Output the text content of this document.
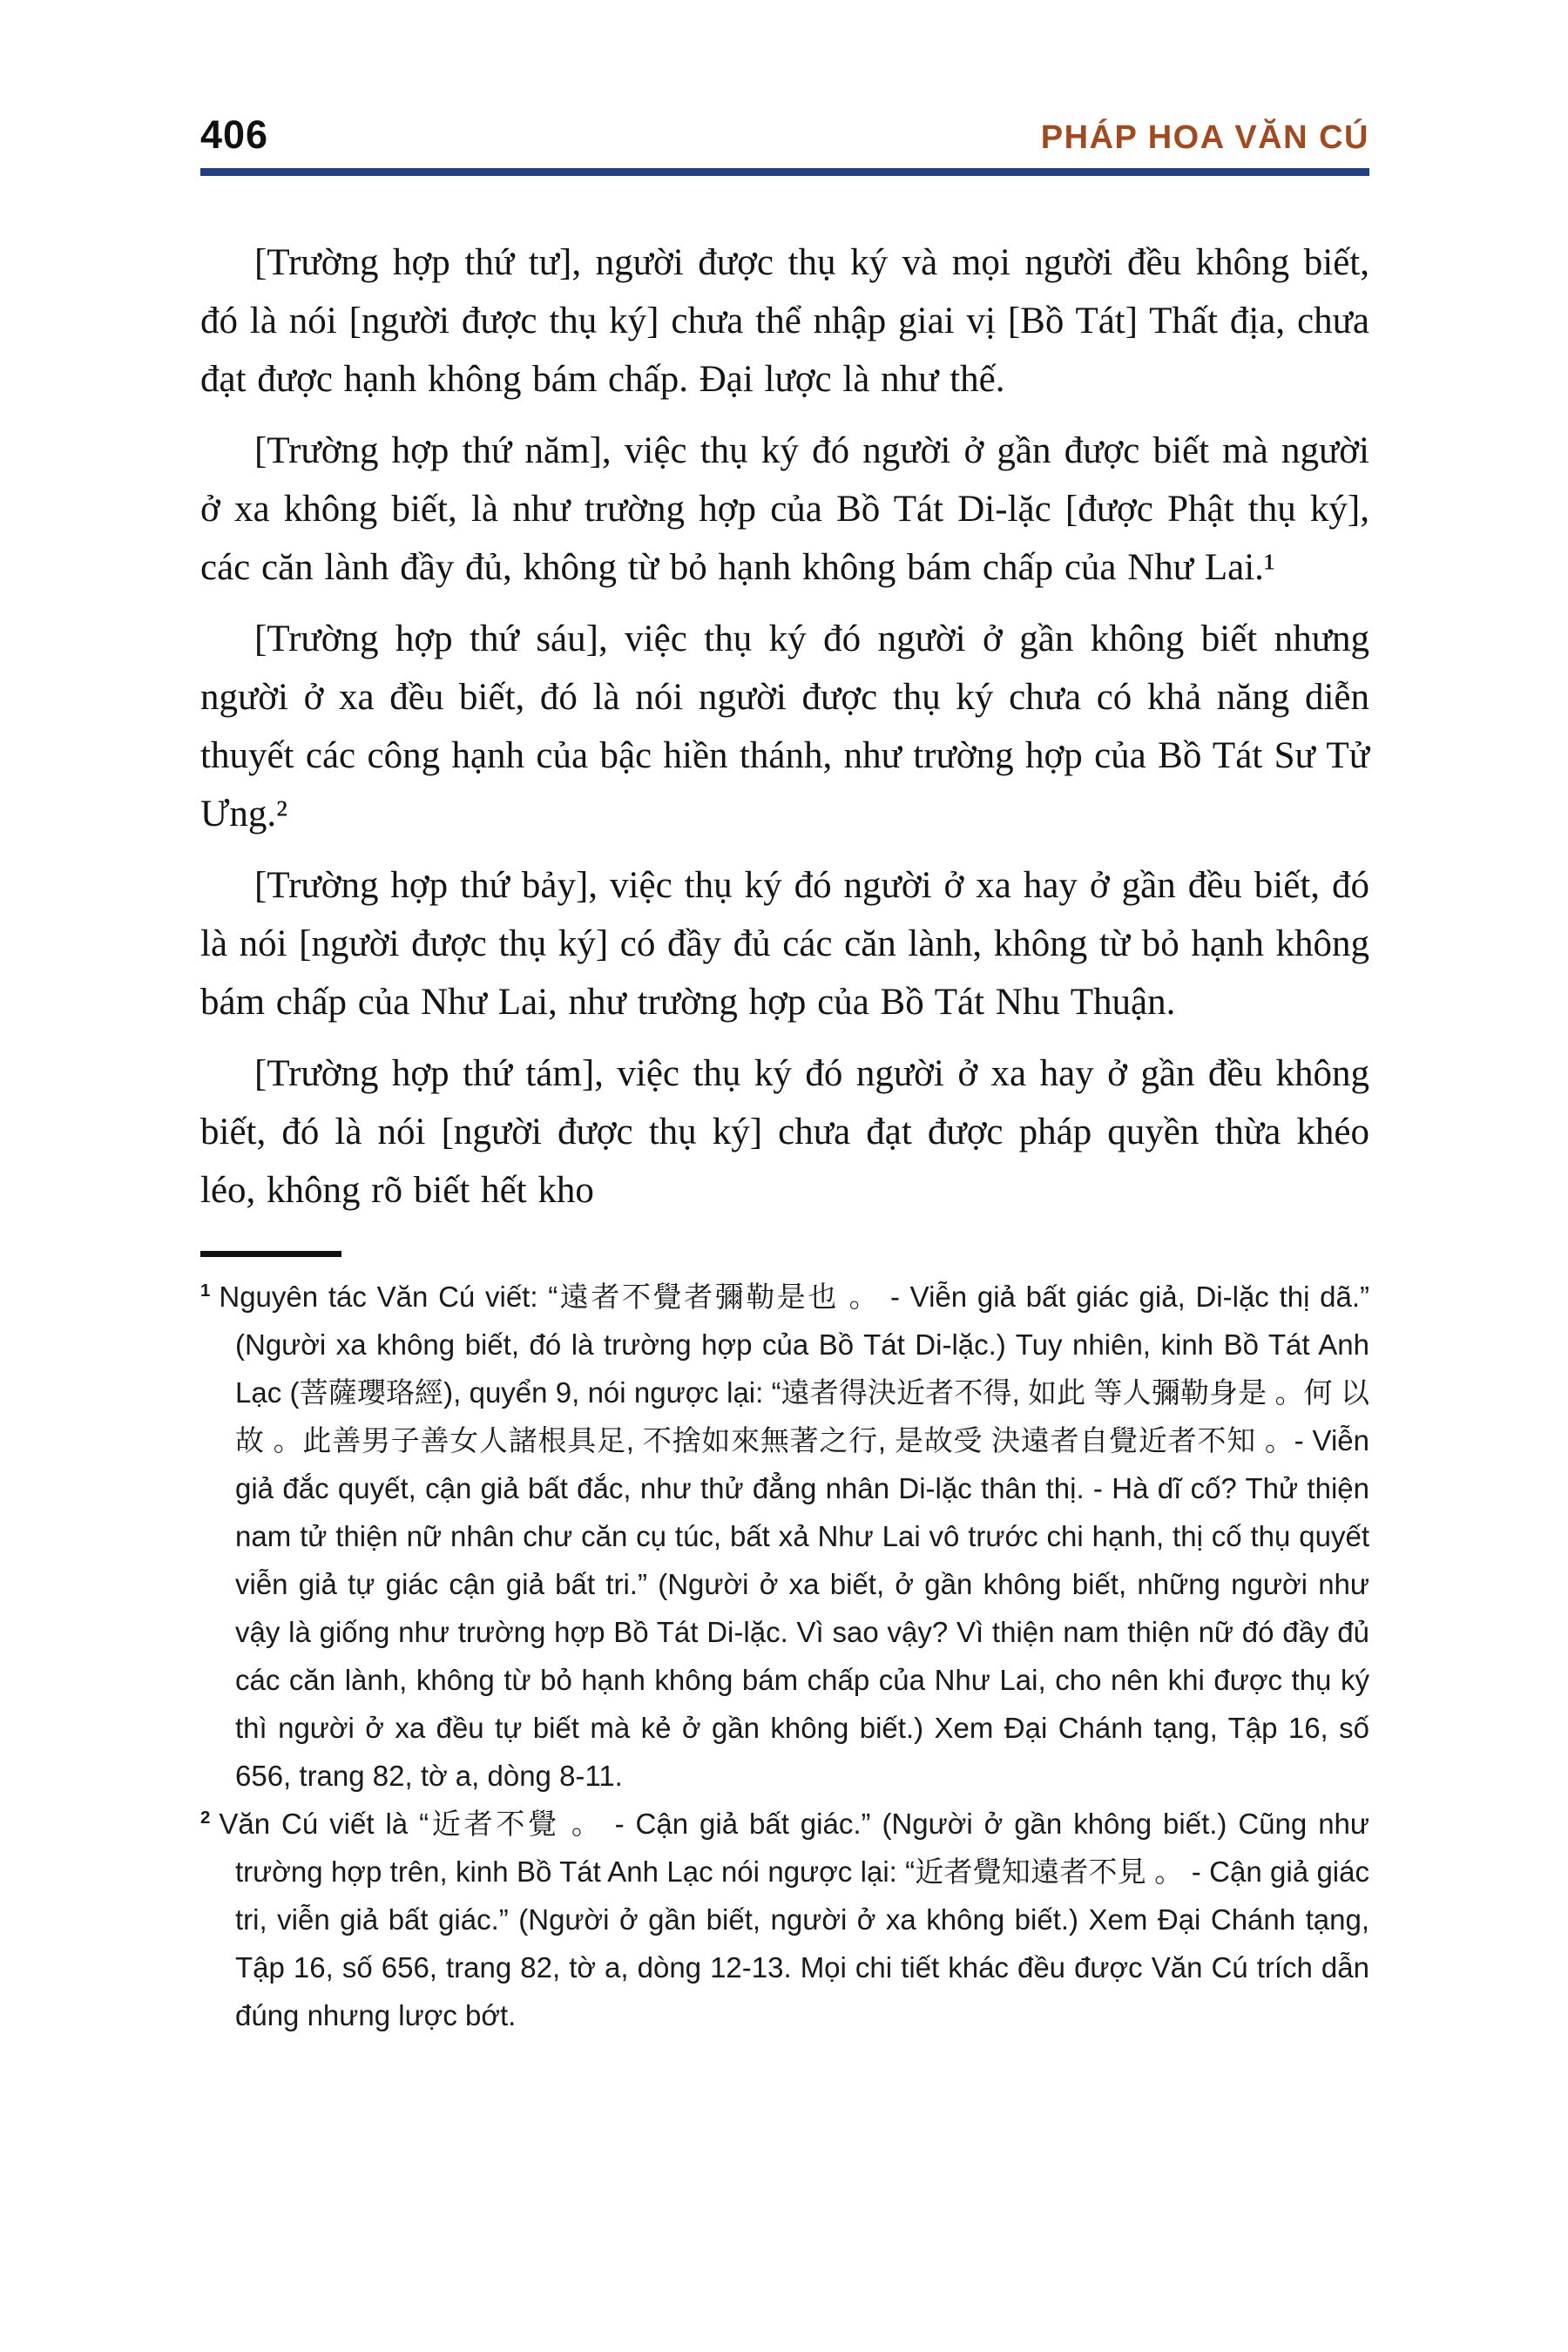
406	PHÁP HOA VĂN CÚ

[Trường hợp thứ tư], người được thụ ký và mọi người đều không biết, đó là nói [người được thụ ký] chưa thể nhập giai vị [Bồ Tát] Thất địa, chưa đạt được hạnh không bám chấp. Đại lược là như thế.

[Trường hợp thứ năm], việc thụ ký đó người ở gần được biết mà người ở xa không biết, là như trường hợp của Bồ Tát Di-lặc [được Phật thụ ký], các căn lành đầy đủ, không từ bỏ hạnh không bám chấp của Như Lai.¹

[Trường hợp thứ sáu], việc thụ ký đó người ở gần không biết nhưng người ở xa đều biết, đó là nói người được thụ ký chưa có khả năng diễn thuyết các công hạnh của bậc hiền thánh, như trường hợp của Bồ Tát Sư Tử Ưng.²

[Trường hợp thứ bảy], việc thụ ký đó người ở xa hay ở gần đều biết, đó là nói [người được thụ ký] có đầy đủ các căn lành, không từ bỏ hạnh không bám chấp của Như Lai, như trường hợp của Bồ Tát Nhu Thuận.

[Trường hợp thứ tám], việc thụ ký đó người ở xa hay ở gần đều không biết, đó là nói [người được thụ ký] chưa đạt được pháp quyền thừa khéo léo, không rõ biết hết kho

$^1$ Nguyên tác Văn Cú viết: “遠者不覺者彌勒是也 。 - Viễn giả bất giác giả, Di-lặc thị dã.” (Người xa không biết, đó là trường hợp của Bồ Tát Di-lặc.) Tuy nhiên, kinh Bồ Tát Anh Lạc (菩薩瓔珞經), quyển 9, nói ngược lại: “遠者得決近者不得, 如此 等人彌勒身是 。何 以 故 。此善男子善女人諸根具足, 不捨如來無著之行, 是故受 決遠者自覺近者不知 。- Viễn giả đắc quyết, cận giả bất đắc, như thử đẳng nhân Di-lặc thân thị. - Hà dĩ cố? Thử thiện nam tử thiện nữ nhân chư căn cụ túc, bất xả Như Lai vô trước chi hạnh, thị cố thụ quyết viễn giả tự giác cận giả bất tri.” (Người ở xa biết, ở gần không biết, những người như vậy là giống như trường hợp Bồ Tát Di-lặc. Vì sao vậy? Vì thiện nam thiện nữ đó đầy đủ các căn lành, không từ bỏ hạnh không bám chấp của Như Lai, cho nên khi được thụ ký thì người ở xa đều tự biết mà kẻ ở gần không biết.) Xem Đại Chánh tạng, Tập 16, số 656, trang 82, tờ a, dòng 8-11.

$^2$ Văn Cú viết là “近者不覺 。 - Cận giả bất giác.” (Người ở gần không biết.) Cũng như trường hợp trên, kinh Bồ Tát Anh Lạc nói ngược lại: “近者覺知遠者不見 。 - Cận giả giác tri, viễn giả bất giác.” (Người ở gần biết, người ở xa không biết.) Xem Đại Chánh tạng, Tập 16, số 656, trang 82, tờ a, dòng 12-13. Mọi chi tiết khác đều được Văn Cú trích dẫn đúng nhưng lược bớt.
